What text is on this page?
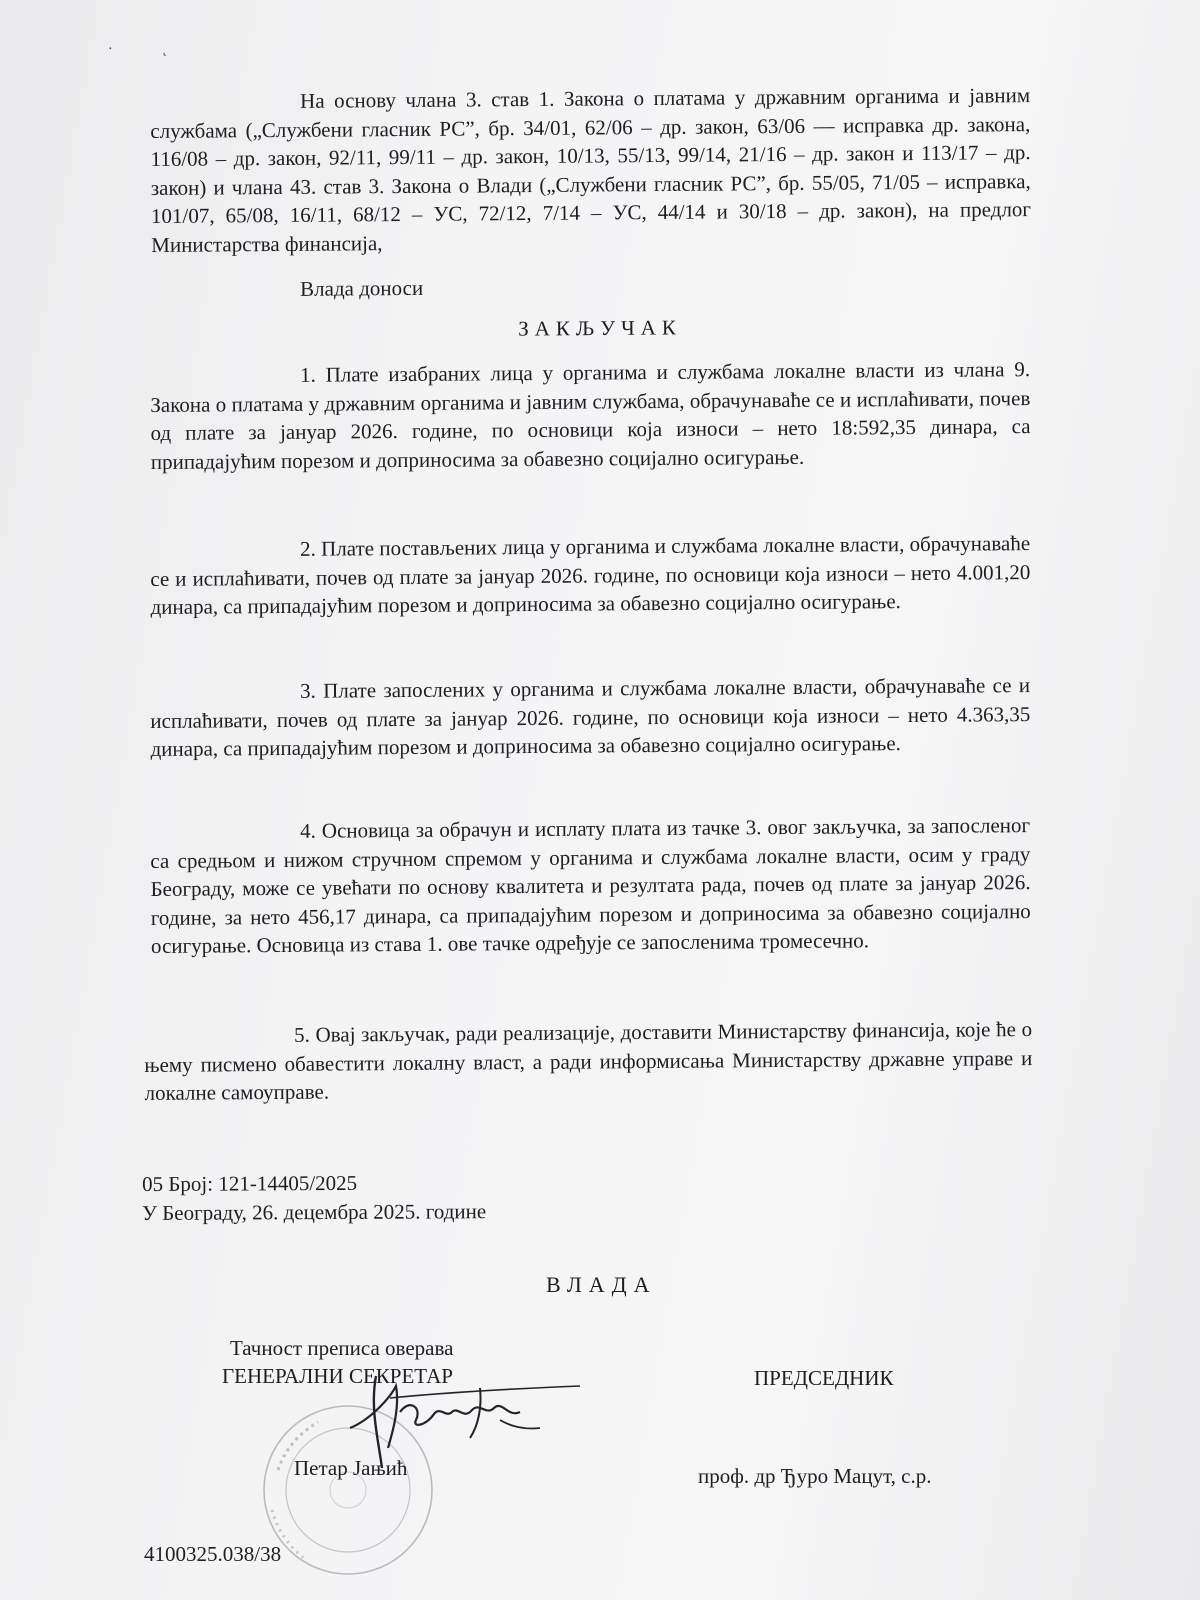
·˛

На основу члана 3. став 1. Закона о платама у државним органима и јавним службама („Службени гласник РС”, бр. 34/01, 62/06 – др. закон, 63/06 — исправка др. закона, 116/08 – др. закон, 92/11, 99/11 – др. закон, 10/13, 55/13, 99/14, 21/16 – др. закон и 113/17 – др. закон) и члана 43. став 3. Закона о Влади („Службени гласник РС”, бр. 55/05, 71/05 – исправка, 101/07, 65/08, 16/11, 68/12 – УС, 72/12, 7/14 – УС, 44/14 и 30/18 – др. закон), на предлог Министарства финансија,

Влада доноси

ЗАКЉУЧАК

1. Плате изабраних лица у органима и службама локалне власти из члана 9. Закона о платама у државним органима и јавним службама, обрачунаваће се и исплаћивати, почев од плате за јануар 2026. године, по основици која износи – нето 18:592,35 динара, са припадајућим порезом и доприносима за обавезно социјално осигурање.

2. Плате постављених лица у органима и службама локалне власти, обрачунаваће се и исплаћивати, почев од плате за јануар 2026. године, по основици која износи – нето 4.001,20 динара, са припадајућим порезом и доприносима за обавезно социјално осигурање.

3. Плате запослених у органима и службама локалне власти, обрачунаваће се и исплаћивати, почев од плате за јануар 2026. године, по основици која износи – нето 4.363,35 динара, са припадајућим порезом и доприносима за обавезно социјално осигурање.

4. Основица за обрачун и исплату плата из тачке 3. овог закључка, за запосленог са средњом и нижом стручном спремом у органима и службама локалне власти, осим у граду Београду, може се увећати по основу квалитета и резултата рада, почев од плате за јануар 2026. године, за нето 456,17 динара, са припадајућим порезом и доприносима за обавезно социјално осигурање. Основица из става 1. ове тачке одређује се запосленима тромесечно.

5. Овај закључак, ради реализације, доставити Министарству финансија, које ће о њему писмено обавестити локалну власт, а ради информисања Министарству државне управе и локалне самоуправе.

05 Број: 121-14405/2025
У Београду, 26. децембра 2025. године
ВЛАДА
Тачност преписа оверава
ГЕНЕРАЛНИ СЕКРЕТАР	ПРЕДСЕДНИК
Петар Јањић	проф. др Ђуро Мацут, с.р.
4100325.038/38
